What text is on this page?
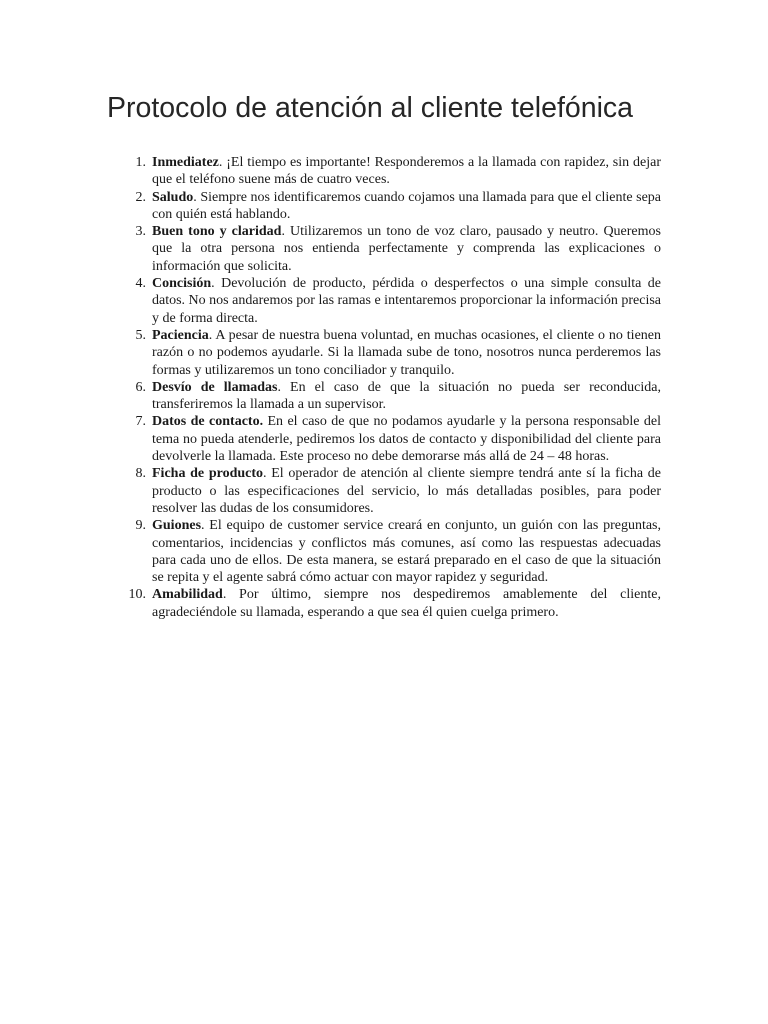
Protocolo de atención al cliente telefónica
1. Inmediatez. ¡El tiempo es importante! Responderemos a la llamada con rapidez, sin dejar que el teléfono suene más de cuatro veces.
2. Saludo. Siempre nos identificaremos cuando cojamos una llamada para que el cliente sepa con quién está hablando.
3. Buen tono y claridad. Utilizaremos un tono de voz claro, pausado y neutro. Queremos que la otra persona nos entienda perfectamente y comprenda las explicaciones o información que solicita.
4. Concisión. Devolución de producto, pérdida o desperfectos o una simple consulta de datos. No nos andaremos por las ramas e intentaremos proporcionar la información precisa y de forma directa.
5. Paciencia. A pesar de nuestra buena voluntad, en muchas ocasiones, el cliente o no tienen razón o no podemos ayudarle. Si la llamada sube de tono, nosotros nunca perderemos las formas y utilizaremos un tono conciliador y tranquilo.
6. Desvío de llamadas. En el caso de que la situación no pueda ser reconducida, transferiremos la llamada a un supervisor.
7. Datos de contacto. En el caso de que no podamos ayudarle y la persona responsable del tema no pueda atenderle, pediremos los datos de contacto y disponibilidad del cliente para devolverle la llamada. Este proceso no debe demorarse más allá de 24 – 48 horas.
8. Ficha de producto. El operador de atención al cliente siempre tendrá ante sí la ficha de producto o las especificaciones del servicio, lo más detalladas posibles, para poder resolver las dudas de los consumidores.
9. Guiones. El equipo de customer service creará en conjunto, un guión con las preguntas, comentarios, incidencias y conflictos más comunes, así como las respuestas adecuadas para cada uno de ellos. De esta manera, se estará preparado en el caso de que la situación se repita y el agente sabrá cómo actuar con mayor rapidez y seguridad.
10. Amabilidad. Por último, siempre nos despediremos amablemente del cliente, agradeciéndole su llamada, esperando a que sea él quien cuelga primero.
